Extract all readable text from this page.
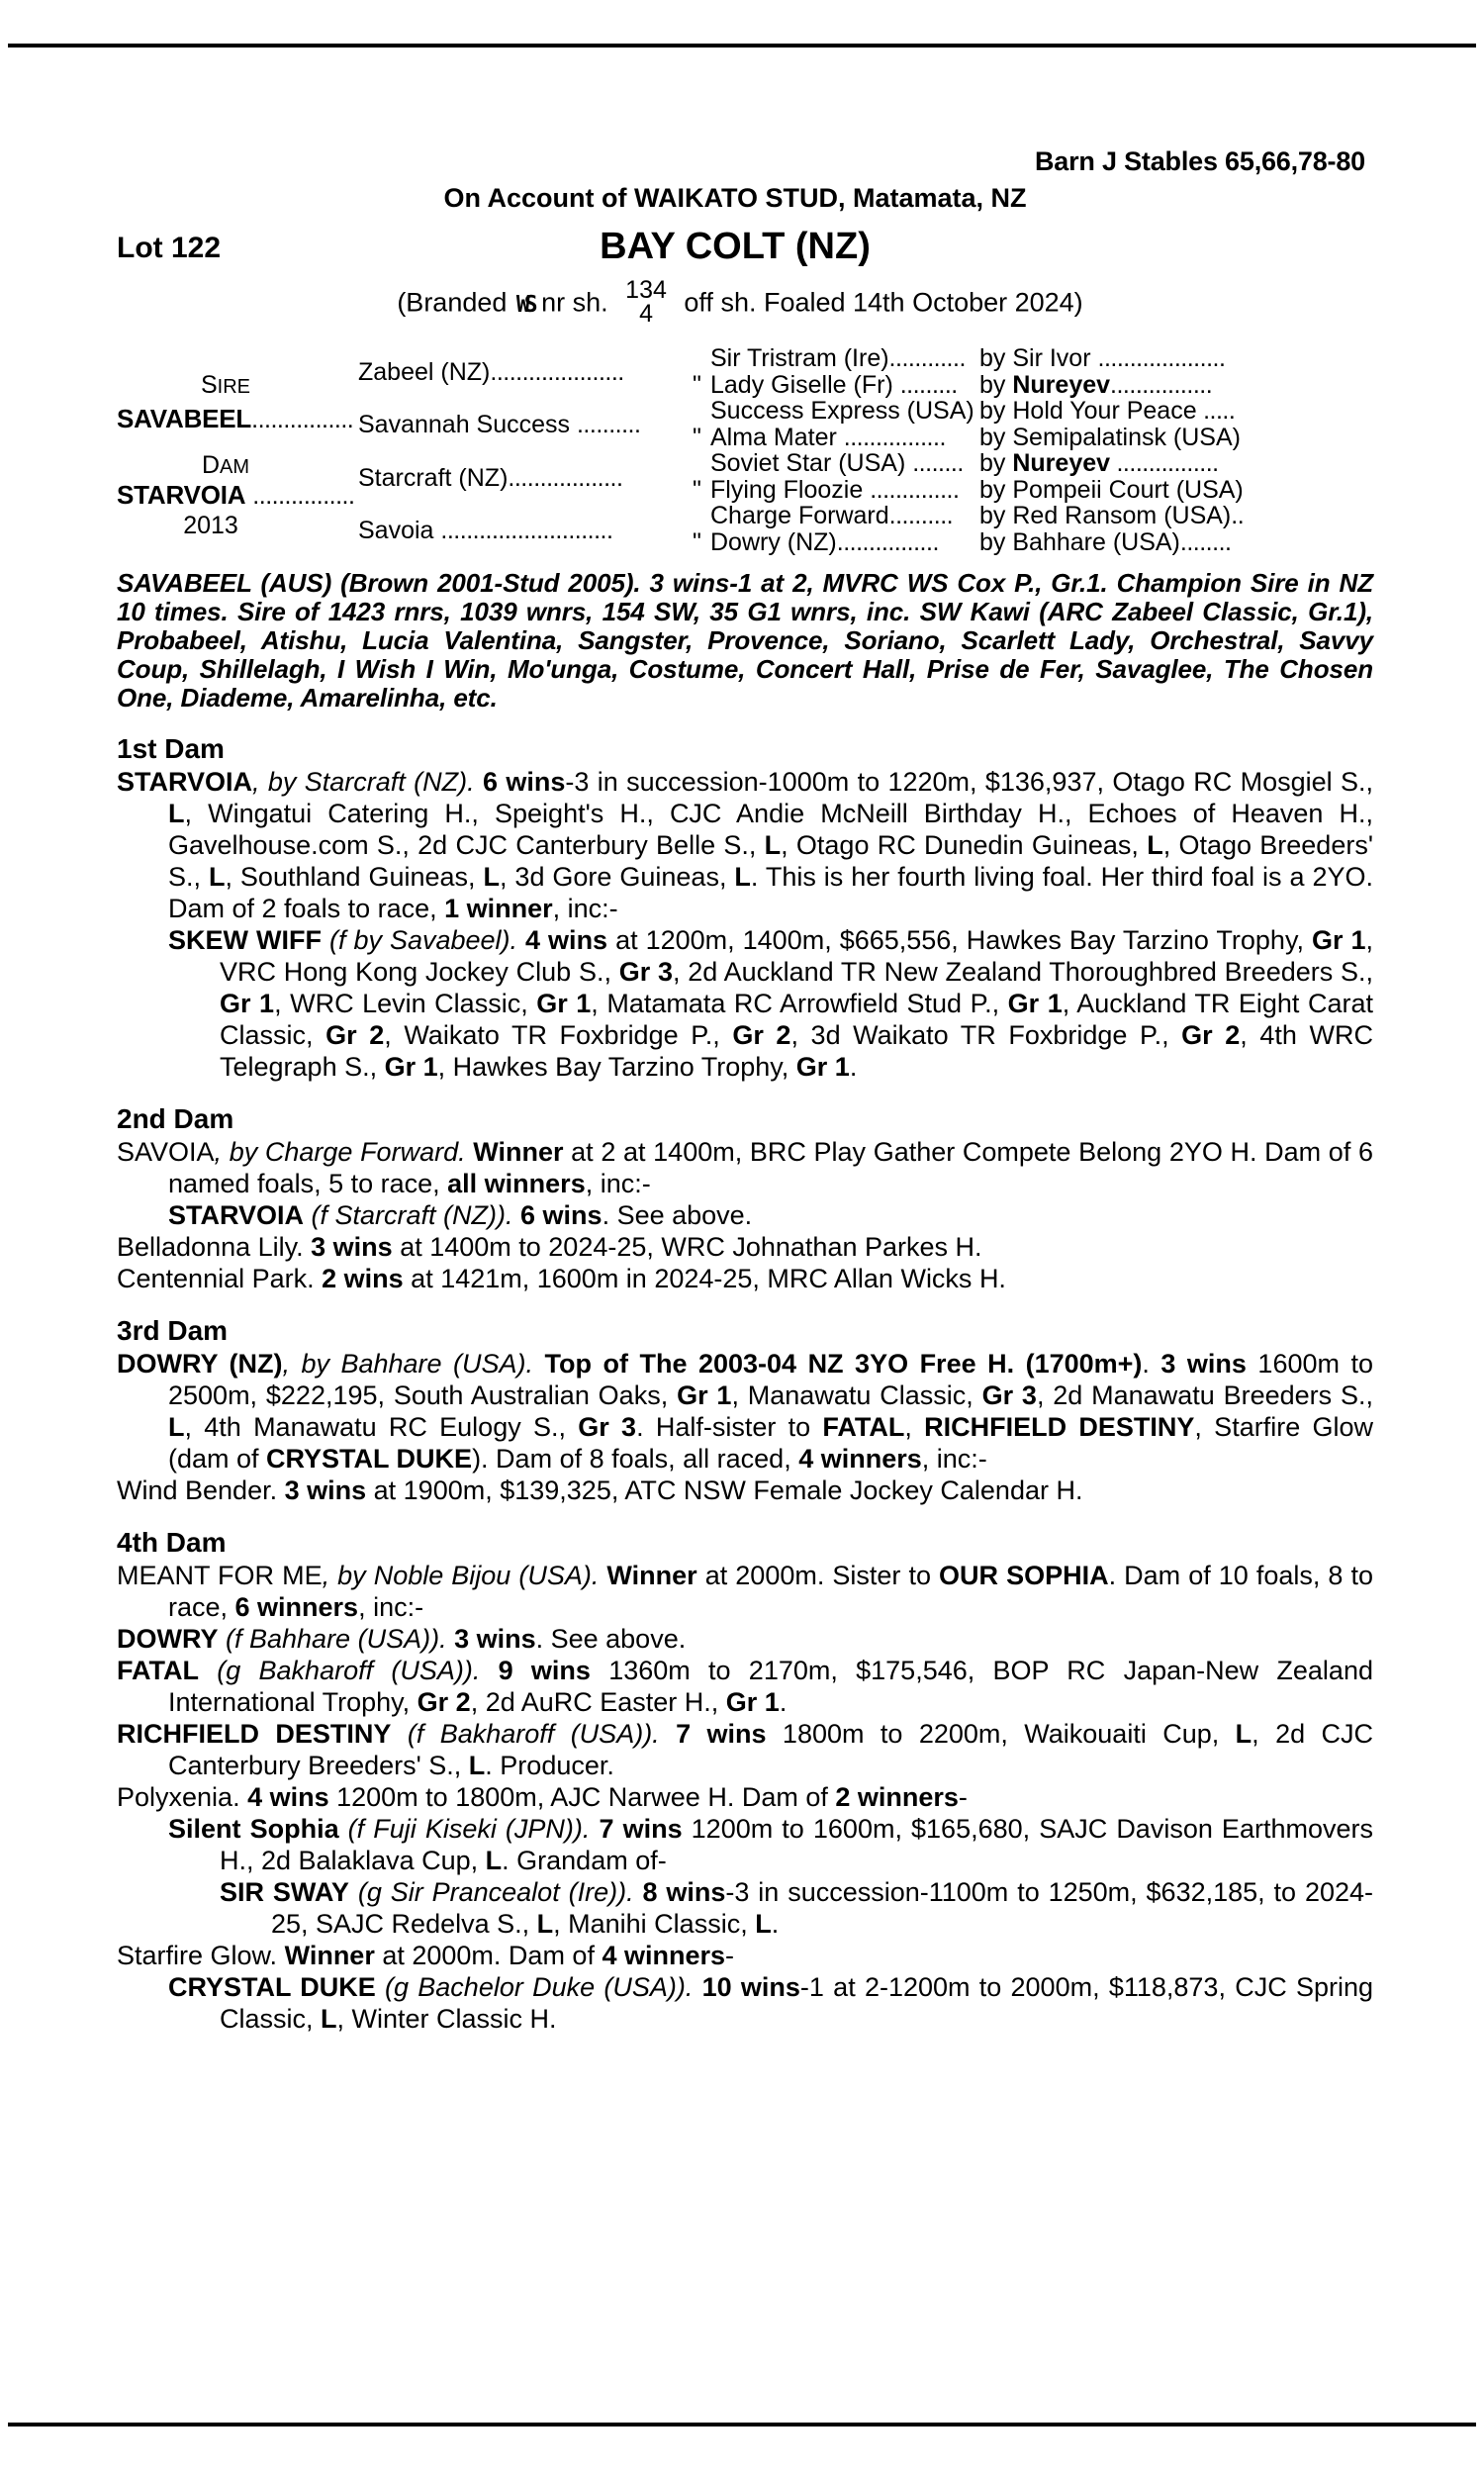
Barn J Stables 65,66,78-80
On Account of WAIKATO STUD, Matamata, NZ
Lot 122	BAY COLT (NZ)
(Branded WS nr sh. 134
4	off sh. Foaled 14th October 2024)
SIRE
SAVABEEL................
DAM
STARVOIA ................
2013
Zabeel (NZ).....................
Savannah Success ..........
Starcraft (NZ)..................
Savoia ...........................
Sir Tristram (Ire)............
" Lady Giselle (Fr) .........
Success Express (USA)
" Alma Mater ................
Soviet Star (USA) ........
" Flying Floozie ..............
Charge Forward..........
" Dowry (NZ)................
by Sir Ivor ....................
by Nureyev................
by Hold Your Peace .....
by Semipalatinsk (USA)
by Nureyev ................
by Pompeii Court (USA)
by Red Ransom (USA)..
by Bahhare (USA)........
SAVABEEL (AUS) (Brown 2001-Stud 2005). 3 wins-1 at 2, MVRC WS Cox P., Gr.1. Champion Sire in NZ 10 times. Sire of 1423 rnrs, 1039 wnrs, 154 SW, 35 G1 wnrs, inc. SW Kawi (ARC Zabeel Classic, Gr.1), Probabeel, Atishu, Lucia Valentina, Sangster, Provence, Soriano, Scarlett Lady, Orchestral, Savvy Coup, Shillelagh, I Wish I Win, Mo'unga, Costume, Concert Hall, Prise de Fer, Savaglee, The Chosen One, Diademe, Amarelinha, etc.
1st Dam

STARVOIA, by Starcraft (NZ). 6 wins-3 in succession-1000m to 1220m, $136,937, Otago RC Mosgiel S., L, Wingatui Catering H., Speight's H., CJC Andie McNeill Birthday H., Echoes of Heaven H., Gavelhouse.com S., 2d CJC Canterbury Belle S., L, Otago RC Dunedin Guineas, L, Otago Breeders' S., L, Southland Guineas, L, 3d Gore Guineas, L. This is her fourth living foal. Her third foal is a 2YO. Dam of 2 foals to race, 1 winner, inc:-

SKEW WIFF (f by Savabeel). 4 wins at 1200m, 1400m, $665,556, Hawkes Bay Tarzino Trophy, Gr 1, VRC Hong Kong Jockey Club S., Gr 3, 2d Auckland TR New Zealand Thoroughbred Breeders S., Gr 1, WRC Levin Classic, Gr 1, Matamata RC Arrowfield Stud P., Gr 1, Auckland TR Eight Carat Classic, Gr 2, Waikato TR Foxbridge P., Gr 2, 3d Waikato TR Foxbridge P., Gr 2, 4th WRC Telegraph S., Gr 1, Hawkes Bay Tarzino Trophy, Gr 1.

2nd Dam

SAVOIA, by Charge Forward. Winner at 2 at 1400m, BRC Play Gather Compete Belong 2YO H. Dam of 6 named foals, 5 to race, all winners, inc:-

STARVOIA (f Starcraft (NZ)). 6 wins. See above.

Belladonna Lily. 3 wins at 1400m to 2024-25, WRC Johnathan Parkes H.

Centennial Park. 2 wins at 1421m, 1600m in 2024-25, MRC Allan Wicks H.

3rd Dam

DOWRY (NZ), by Bahhare (USA). Top of The 2003-04 NZ 3YO Free H. (1700m+). 3 wins 1600m to 2500m, $222,195, South Australian Oaks, Gr 1, Manawatu Classic, Gr 3, 2d Manawatu Breeders S., L, 4th Manawatu RC Eulogy S., Gr 3. Half-sister to FATAL, RICHFIELD DESTINY, Starfire Glow (dam of CRYSTAL DUKE). Dam of 8 foals, all raced, 4 winners, inc:-

Wind Bender. 3 wins at 1900m, $139,325, ATC NSW Female Jockey Calendar H.

4th Dam

MEANT FOR ME, by Noble Bijou (USA). Winner at 2000m. Sister to OUR SOPHIA. Dam of 10 foals, 8 to race, 6 winners, inc:-

DOWRY (f Bahhare (USA)). 3 wins. See above.

FATAL (g Bakharoff (USA)). 9 wins 1360m to 2170m, $175,546, BOP RC Japan-New Zealand International Trophy, Gr 2, 2d AuRC Easter H., Gr 1.

RICHFIELD DESTINY (f Bakharoff (USA)). 7 wins 1800m to 2200m, Waikouaiti Cup, L, 2d CJC Canterbury Breeders' S., L. Producer.

Polyxenia. 4 wins 1200m to 1800m, AJC Narwee H. Dam of 2 winners-

Silent Sophia (f Fuji Kiseki (JPN)). 7 wins 1200m to 1600m, $165,680, SAJC Davison Earthmovers H., 2d Balaklava Cup, L. Grandam of-

SIR SWAY (g Sir Prancealot (Ire)). 8 wins-3 in succession-1100m to 1250m, $632,185, to 2024-25, SAJC Redelva S., L, Manihi Classic, L.

Starfire Glow. Winner at 2000m. Dam of 4 winners-

CRYSTAL DUKE (g Bachelor Duke (USA)). 10 wins-1 at 2-1200m to 2000m, $118,873, CJC Spring Classic, L, Winter Classic H.
